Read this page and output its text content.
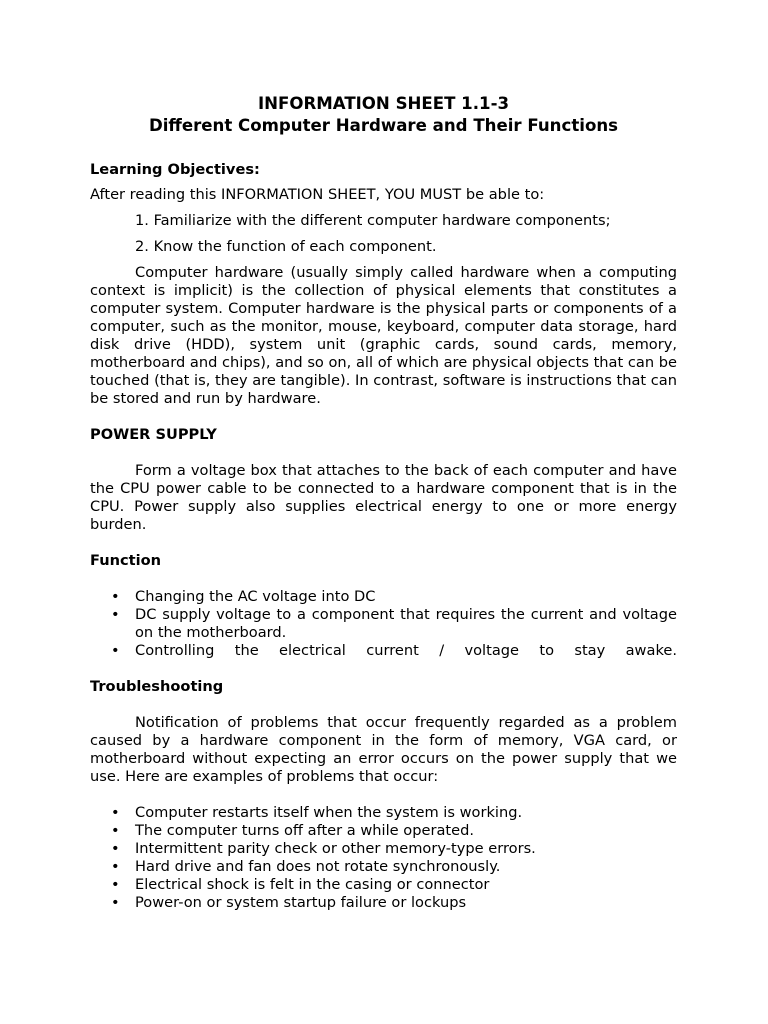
INFORMATION SHEET 1.1-3

Different Computer Hardware and Their Functions

Learning Objectives:

After reading this INFORMATION SHEET, YOU MUST be able to:

1. Familiarize with the different computer hardware components;

2. Know the function of each component.

Computer hardware (usually simply called hardware when a computing context is implicit) is the collection of physical elements that constitutes a computer system. Computer hardware is the physical parts or components of a computer, such as the monitor, mouse, keyboard, computer data storage, hard disk drive (HDD), system unit (graphic cards, sound cards, memory, motherboard and chips), and so on, all of which are physical objects that can be touched (that is, they are tangible). In contrast, software is instructions that can be stored and run by hardware.

POWER SUPPLY

Form a voltage box that attaches to the back of each computer and have the CPU power cable to be connected to a hardware component that is in the CPU. Power supply also supplies electrical energy to one or more energy burden.

Function

• Changing the AC voltage into DC
• DC supply voltage to a component that requires the current and voltage on the motherboard.
• Controlling the electrical current / voltage to stay awake.

Troubleshooting

Notification of problems that occur frequently regarded as a problem caused by a hardware component in the form of memory, VGA card, or motherboard without expecting an error occurs on the power supply that we use. Here are examples of problems that occur:

• Computer restarts itself when the system is working.
• The computer turns off after a while operated.
• Intermittent parity check or other memory-type errors.
• Hard drive and fan does not rotate synchronously.
• Electrical shock is felt in the casing or connector
• Power-on or system startup failure or lockups
